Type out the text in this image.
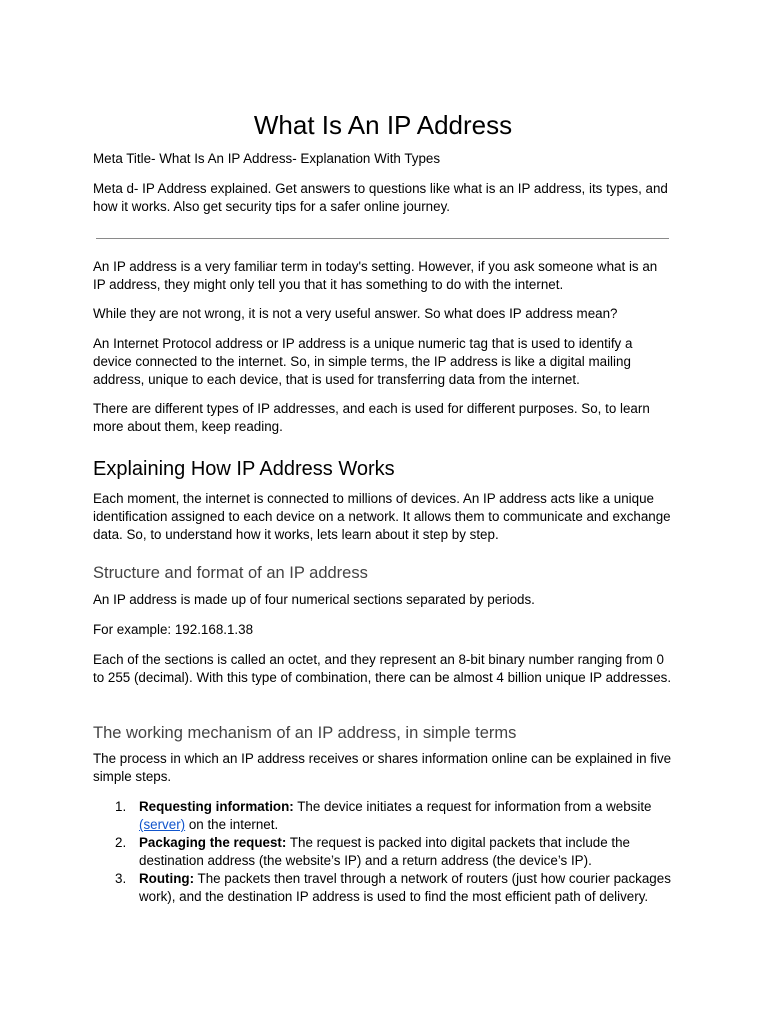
What Is An IP Address

Meta Title- What Is An IP Address- Explanation With Types

Meta d- IP Address explained. Get answers to questions like what is an IP address, its types, and how it works. Also get security tips for a safer online journey.

An IP address is a very familiar term in today's setting. However, if you ask someone what is an IP address, they might only tell you that it has something to do with the internet.

While they are not wrong, it is not a very useful answer. So what does IP address mean?

An Internet Protocol address or IP address is a unique numeric tag that is used to identify a device connected to the internet. So, in simple terms, the IP address is like a digital mailing address, unique to each device, that is used for transferring data from the internet.

There are different types of IP addresses, and each is used for different purposes. So, to learn more about them, keep reading.

Explaining How IP Address Works

Each moment, the internet is connected to millions of devices. An IP address acts like a unique identification assigned to each device on a network. It allows them to communicate and exchange data. So, to understand how it works, lets learn about it step by step.

Structure and format of an IP address

An IP address is made up of four numerical sections separated by periods.

For example: 192.168.1.38

Each of the sections is called an octet, and they represent an 8-bit binary number ranging from 0 to 255 (decimal). With this type of combination, there can be almost 4 billion unique IP addresses.

The working mechanism of an IP address, in simple terms

The process in which an IP address receives or shares information online can be explained in five simple steps.

1. Requesting information: The device initiates a request for information from a website (server) on the internet.
2. Packaging the request: The request is packed into digital packets that include the destination address (the website’s IP) and a return address (the device’s IP).
3. Routing: The packets then travel through a network of routers (just how courier packages work), and the destination IP address is used to find the most efficient path of delivery.
